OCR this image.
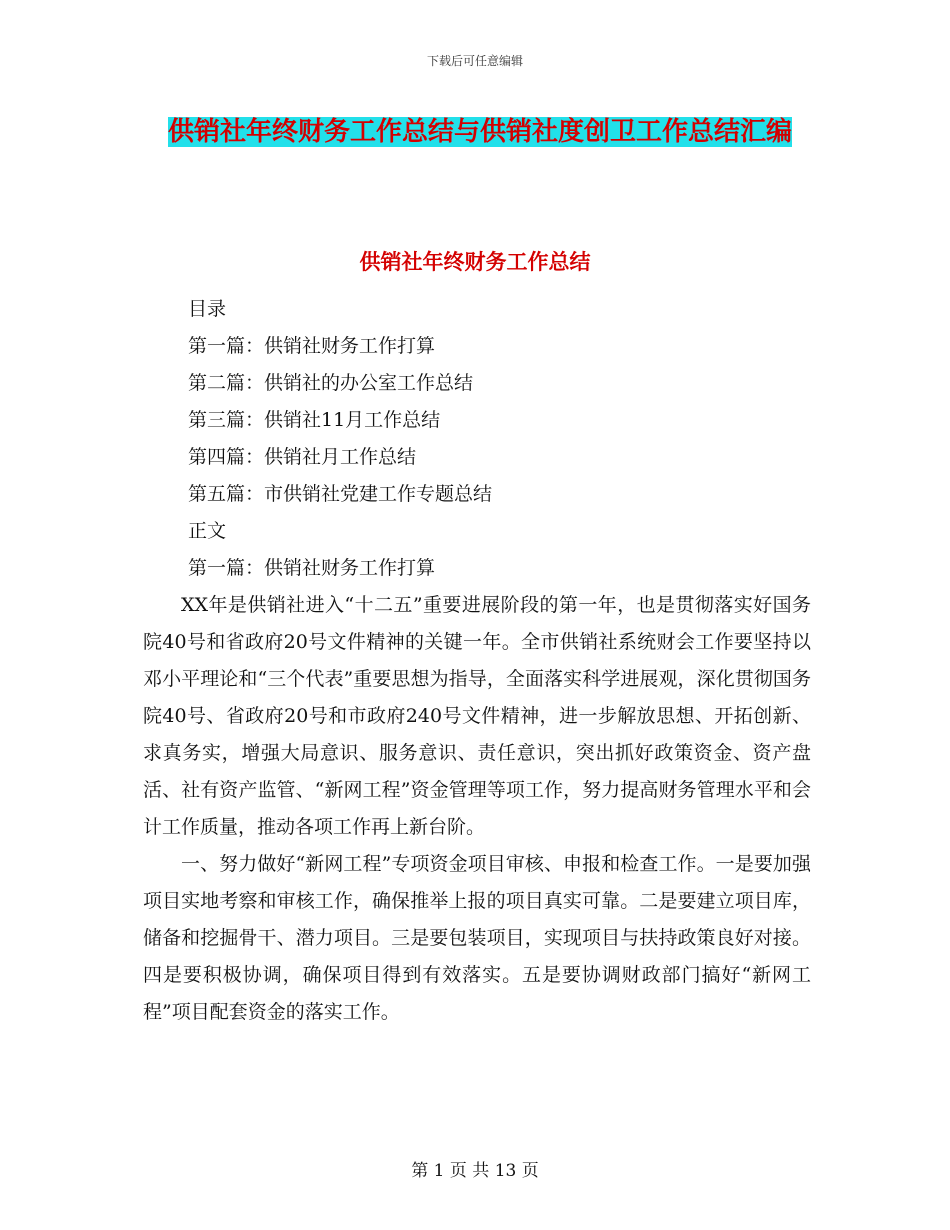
下载后可任意编辑
供销社年终财务工作总结与供销社度创卫工作总结汇编
供销社年终财务工作总结
目录
第一篇：供销社财务工作打算
第二篇：供销社的办公室工作总结
第三篇：供销社11月工作总结
第四篇：供销社月工作总结
第五篇：市供销社党建工作专题总结
正文
第一篇：供销社财务工作打算

XX年是供销社进入“十二五”重要进展阶段的第一年，也是贯彻落实好国务院40号和省政府20号文件精神的关键一年。全市供销社系统财会工作要坚持以邓小平理论和“三个代表”重要思想为指导，全面落实科学进展观，深化贯彻国务院40号、省政府20号和市政府240号文件精神，进一步解放思想、开拓创新、求真务实，增强大局意识、服务意识、责任意识，突出抓好政策资金、资产盘活、社有资产监管、“新网工程”资金管理等项工作，努力提高财务管理水平和会计工作质量，推动各项工作再上新台阶。

一、努力做好“新网工程”专项资金项目审核、申报和检查工作。一是要加强项目实地考察和审核工作，确保推举上报的项目真实可靠。二是要建立项目库，储备和挖掘骨干、潜力项目。三是要包装项目，实现项目与扶持政策良好对接。四是要积极协调，确保项目得到有效落实。五是要协调财政部门搞好“新网工程”项目配套资金的落实工作。

第 1 页 共 13 页
